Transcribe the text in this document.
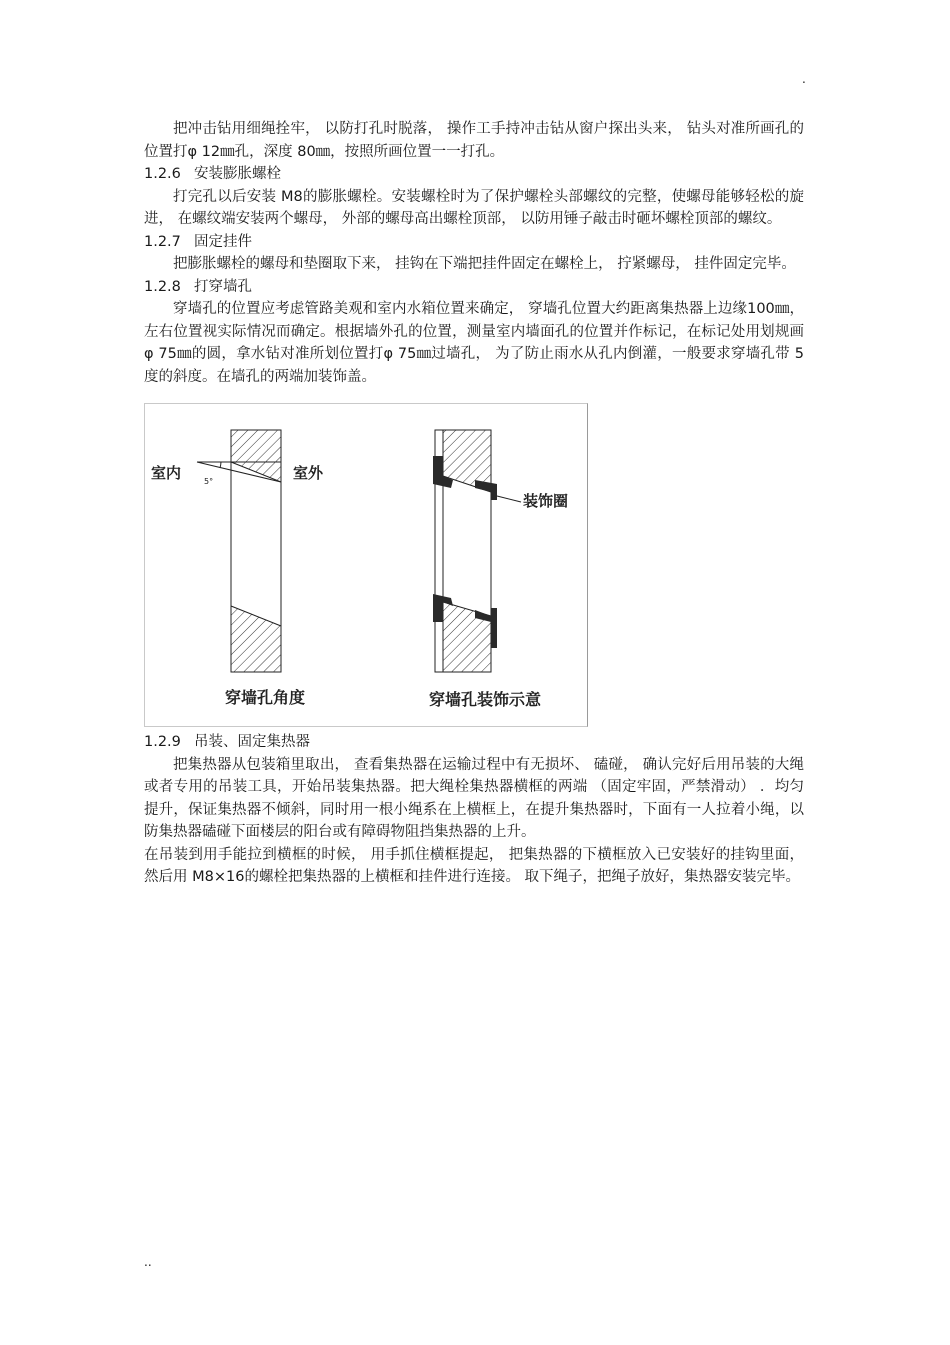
.

把冲击钻用细绳拴牢， 以防打孔时脱落， 操作工手持冲击钻从窗户探出头来， 钻头对准所画孔的位置打φ 12㎜孔，深度 80㎜，按照所画位置一一打孔。

1.2.6 安装膨胀螺栓

打完孔以后安装 M8的膨胀螺栓。安装螺栓时为了保护螺栓头部螺纹的完整，使螺母能够轻松的旋进， 在螺纹端安装两个螺母， 外部的螺母高出螺栓顶部， 以防用锤子敲击时砸坏螺栓顶部的螺纹。

1.2.7 固定挂件

把膨胀螺栓的螺母和垫圈取下来， 挂钩在下端把挂件固定在螺栓上， 拧紧螺母， 挂件固定完毕。

1.2.8 打穿墙孔

穿墙孔的位置应考虑管路美观和室内水箱位置来确定， 穿墙孔位置大约距离集热器上边缘100㎜，左右位置视实际情况而确定。根据墙外孔的位置，测量室内墙面孔的位置并作标记，在标记处用划规画φ 75㎜的圆，拿水钻对准所划位置打φ 75㎜过墙孔， 为了防止雨水从孔内倒灌，一般要求穿墙孔带 5度的斜度。在墙孔的两端加装饰盖。

室内	室外
5°
装饰圈
穿墙孔角度	穿墙孔装饰示意

1.2.9 吊装、固定集热器

把集热器从包装箱里取出， 查看集热器在运输过程中有无损坏、 磕碰， 确认完好后用吊装的大绳或者专用的吊装工具，开始吊装集热器。把大绳栓集热器横框的两端 （固定牢固，严禁滑动） ．均匀提升，保证集热器不倾斜，同时用一根小绳系在上横框上，在提升集热器时，下面有一人拉着小绳，以防集热器磕碰下面楼层的阳台或有障碍物阻挡集热器的上升。

在吊装到用手能拉到横框的时候， 用手抓住横框提起， 把集热器的下横框放入已安装好的挂钩里面，然后用 M8×16的螺栓把集热器的上横框和挂件进行连接。 取下绳子，把绳子放好，集热器安装完毕。

..
